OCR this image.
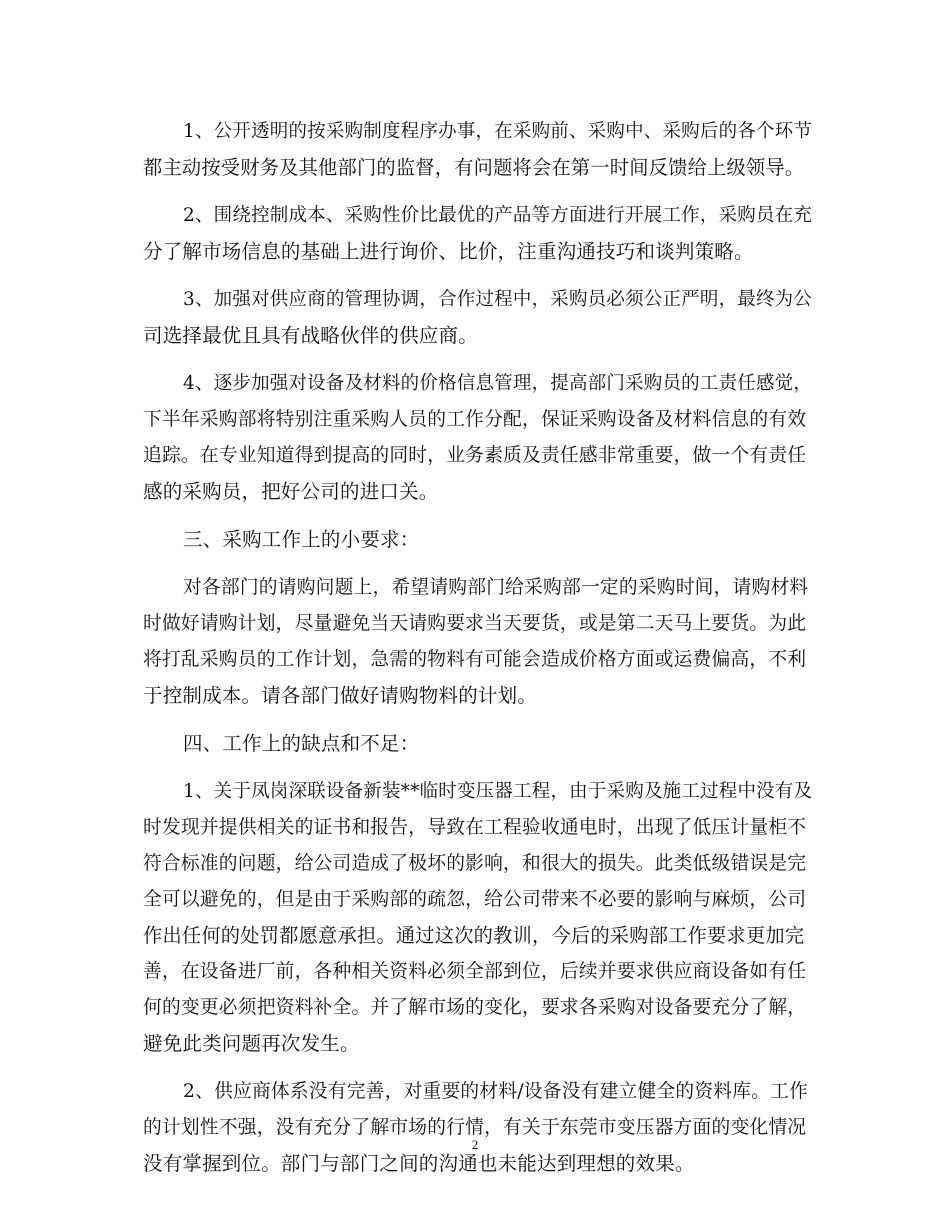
1、公开透明的按采购制度程序办事，在采购前、采购中、采购后的各个环节
都主动按受财务及其他部门的监督，有问题将会在第一时间反馈给上级领导。
2、围绕控制成本、采购性价比最优的产品等方面进行开展工作，采购员在充
分了解市场信息的基础上进行询价、比价，注重沟通技巧和谈判策略。
3、加强对供应商的管理协调，合作过程中，采购员必须公正严明，最终为公
司选择最优且具有战略伙伴的供应商。
4、逐步加强对设备及材料的价格信息管理，提高部门采购员的工责任感觉，
下半年采购部将特别注重采购人员的工作分配，保证采购设备及材料信息的有效
追踪。在专业知道得到提高的同时，业务素质及责任感非常重要，做一个有责任
感的采购员，把好公司的进口关。
三、采购工作上的小要求：
对各部门的请购问题上，希望请购部门给采购部一定的采购时间，请购材料
时做好请购计划，尽量避免当天请购要求当天要货，或是第二天马上要货。为此
将打乱采购员的工作计划，急需的物料有可能会造成价格方面或运费偏高，不利
于控制成本。请各部门做好请购物料的计划。
四、工作上的缺点和不足：
1、关于凤岗深联设备新装**临时变压器工程，由于采购及施工过程中没有及
时发现并提供相关的证书和报告，导致在工程验收通电时，出现了低压计量柜不
符合标准的问题，给公司造成了极坏的影响，和很大的损失。此类低级错误是完
全可以避免的，但是由于采购部的疏忽，给公司带来不必要的影响与麻烦，公司
作出任何的处罚都愿意承担。通过这次的教训，今后的采购部工作要求更加完
善，在设备进厂前，各种相关资料必须全部到位，后续并要求供应商设备如有任
何的变更必须把资料补全。并了解市场的变化，要求各采购对设备要充分了解，
避免此类问题再次发生。
2、供应商体系没有完善，对重要的材料/设备没有建立健全的资料库。工作
的计划性不强，没有充分了解市场的行情，有关于东莞市变压器方面的变化情况
没有掌握到位。部门与部门之间的沟通也未能达到理想的效果。
2
